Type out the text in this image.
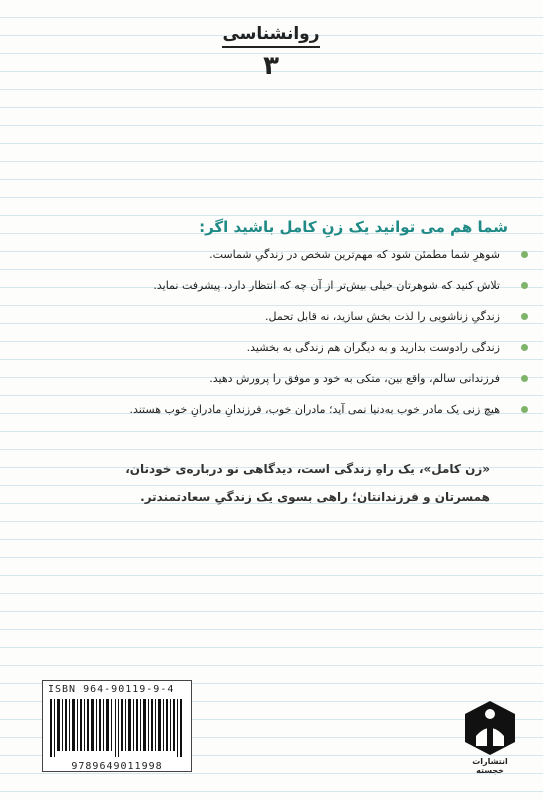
روانشناسی
۳
شما هم می توانید یک زنِ کامل باشید اگر:
شوهرِ شما مطمئن شود که مهم‌ترین شخص در زندگیِ شماست.
تلاش کنید که شوهرتان خیلی بیش‌تر از آن چه که انتظار دارد، پیشرفت نماید.
زندگیِ زناشویی را لذت بخش سازید، نه قابل تحمل.
زندگی رادوست بدارید و به دیگران هم زندگی به بخشید.
فرزندانی سالم، واقع بین، متکی به خود و موفق را پرورش دهید.
هیچ زنی یک مادر خوب به‌دنیا نمی آید؛ مادران خوب، فرزندانِ مادرانِ خوب هستند.
«زن کامل»، یک راهِ زندگی است، دیدگاهی نو درباره‌ی خودتان،
همسرتان و فرزندانتان؛ راهی بسوی یک زندگیِ سعادتمندتر.
ISBN 964-90119-9-4
9789649011998	انتشارات خجسته
